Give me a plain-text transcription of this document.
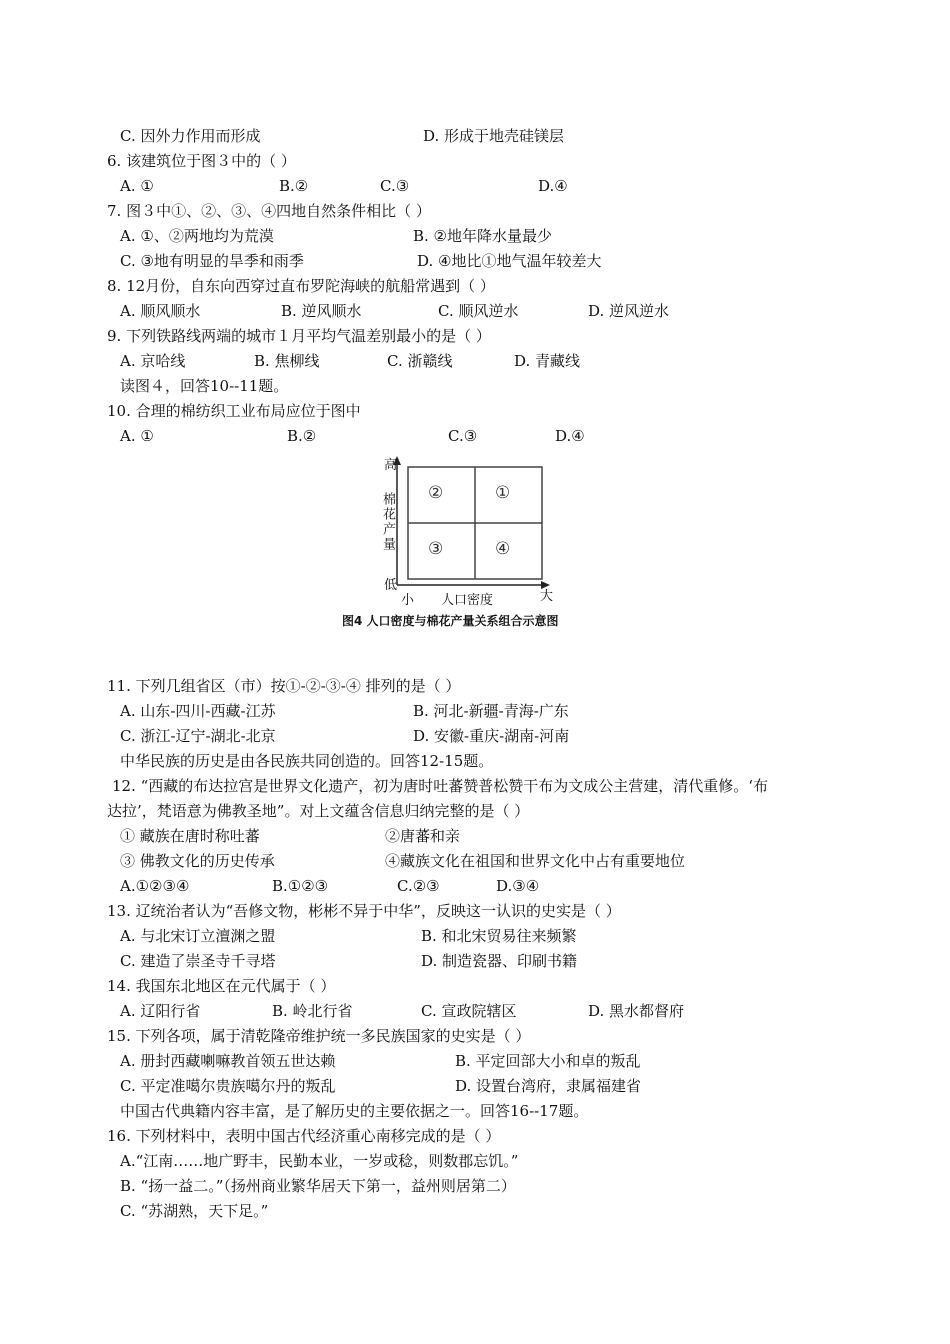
C. 因外力作用而形成	D. 形成于地壳硅镁层
6. 该建筑位于图３中的（ ）
A. ①	B.②	C.③	D.④
7. 图３中①、②、③、④四地自然条件相比（ ）
A. ①、②两地均为荒漠	B. ②地年降水量最少
C. ③地有明显的旱季和雨季	D. ④地比①地气温年较差大
8. 12月份，自东向西穿过直布罗陀海峡的航船常遇到（ ）
A. 顺风顺水	B. 逆风顺水	C. 顺风逆水	D. 逆风逆水
9. 下列铁路线两端的城市１月平均气温差别最小的是（ ）
A. 京哈线	B. 焦柳线	C. 浙赣线	D. 青藏线
读图４，回答10--11题。
10. 合理的棉纺织工业布局应位于图中
A. ①	B.②	C.③	D.④
高
棉花产量
低
②	①
③	④
小 人口密度	大
图4 人口密度与棉花产量关系组合示意图
11. 下列几组省区（市）按①-②-③-④ 排列的是（ ）
A. 山东-四川-西藏-江苏	B. 河北-新疆-青海-广东
C. 浙江-辽宁-湖北-北京	D. 安徽-重庆-湖南-河南
中华民族的历史是由各民族共同创造的。回答12-15题。
12. “西藏的布达拉宫是世界文化遗产，初为唐时吐蕃赞普松赞干布为文成公主营建，清代重修。‘布
达拉’，梵语意为佛教圣地”。对上文蕴含信息归纳完整的是（ ）
① 藏族在唐时称吐蕃	②唐蕃和亲
③ 佛教文化的历史传承	④藏族文化在祖国和世界文化中占有重要地位
A.①②③④	B.①②③	C.②③	D.③④
13. 辽统治者认为“吾修文物，彬彬不异于中华”，反映这一认识的史实是（ ）
A. 与北宋订立澶渊之盟	B. 和北宋贸易往来频繁
C. 建造了崇圣寺千寻塔	D. 制造瓷器、印刷书籍
14. 我国东北地区在元代属于（ ）
A. 辽阳行省	B. 岭北行省	C. 宣政院辖区	D. 黑水都督府
15. 下列各项，属于清乾隆帝维护统一多民族国家的史实是（ ）
A. 册封西藏喇嘛教首领五世达赖	B. 平定回部大小和卓的叛乱
C. 平定准噶尔贵族噶尔丹的叛乱	D. 设置台湾府，隶属福建省
中国古代典籍内容丰富，是了解历史的主要依据之一。回答16--17题。
16. 下列材料中，表明中国古代经济重心南移完成的是（ ）
A.“江南……地广野丰，民勤本业，一岁或稔，则数郡忘饥。”
B. “扬一益二。”（扬州商业繁华居天下第一，益州则居第二）
C. “苏湖熟，天下足。”
